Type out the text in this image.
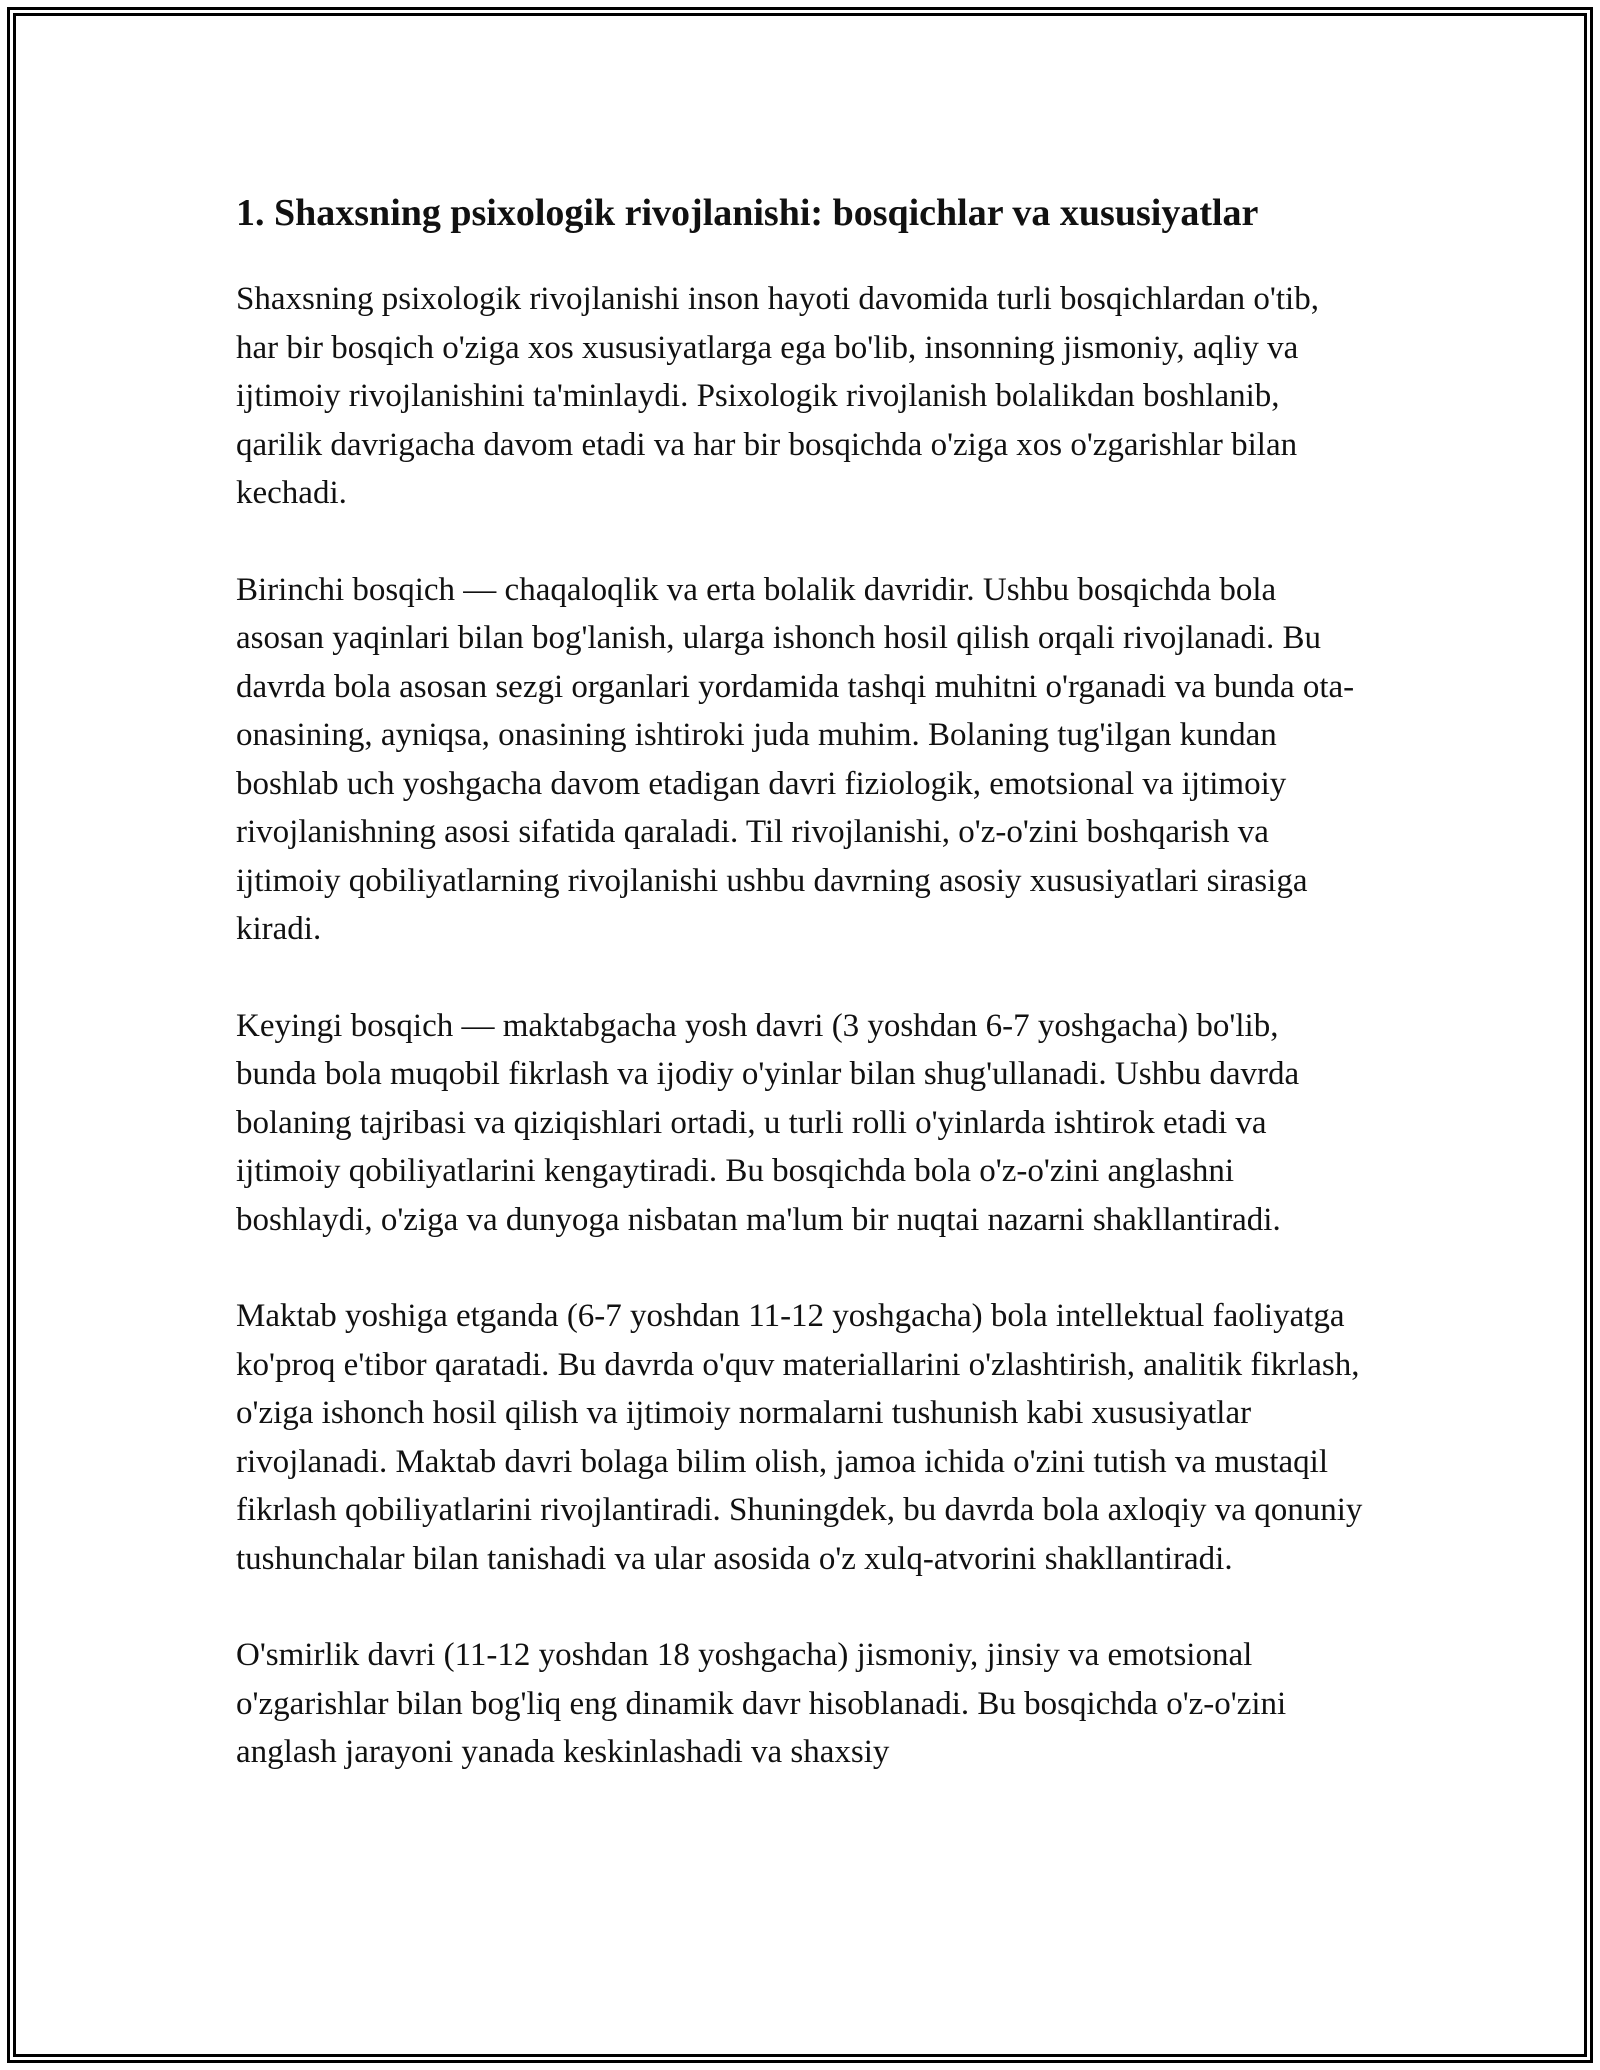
1. Shaxsning psixologik rivojlanishi: bosqichlar va xususiyatlar

Shaxsning psixologik rivojlanishi inson hayoti davomida turli bosqichlardan o'tib, har bir bosqich o'ziga xos xususiyatlarga ega bo'lib, insonning jismoniy, aqliy va ijtimoiy rivojlanishini ta'minlaydi. Psixologik rivojlanish bolalikdan boshlanib, qarilik davrigacha davom etadi va har bir bosqichda o'ziga xos o'zgarishlar bilan kechadi.

Birinchi bosqich — chaqaloqlik va erta bolalik davridir. Ushbu bosqichda bola asosan yaqinlari bilan bog'lanish, ularga ishonch hosil qilish orqali rivojlanadi. Bu davrda bola asosan sezgi organlari yordamida tashqi muhitni o'rganadi va bunda ota-onasining, ayniqsa, onasining ishtiroki juda muhim. Bolaning tug'ilgan kundan boshlab uch yoshgacha davom etadigan davri fiziologik, emotsional va ijtimoiy rivojlanishning asosi sifatida qaraladi. Til rivojlanishi, o'z-o'zini boshqarish va ijtimoiy qobiliyatlarning rivojlanishi ushbu davrning asosiy xususiyatlari sirasiga kiradi.

Keyingi bosqich — maktabgacha yosh davri (3 yoshdan 6-7 yoshgacha) bo'lib, bunda bola muqobil fikrlash va ijodiy o'yinlar bilan shug'ullanadi. Ushbu davrda bolaning tajribasi va qiziqishlari ortadi, u turli rolli o'yinlarda ishtirok etadi va ijtimoiy qobiliyatlarini kengaytiradi. Bu bosqichda bola o'z-o'zini anglashni boshlaydi, o'ziga va dunyoga nisbatan ma'lum bir nuqtai nazarni shakllantiradi.

Maktab yoshiga etganda (6-7 yoshdan 11-12 yoshgacha) bola intellektual faoliyatga ko'proq e'tibor qaratadi. Bu davrda o'quv materiallarini o'zlashtirish, analitik fikrlash, o'ziga ishonch hosil qilish va ijtimoiy normalarni tushunish kabi xususiyatlar rivojlanadi. Maktab davri bolaga bilim olish, jamoa ichida o'zini tutish va mustaqil fikrlash qobiliyatlarini rivojlantiradi. Shuningdek, bu davrda bola axloqiy va qonuniy tushunchalar bilan tanishadi va ular asosida o'z xulq-atvorini shakllantiradi.

O'smirlik davri (11-12 yoshdan 18 yoshgacha) jismoniy, jinsiy va emotsional o'zgarishlar bilan bog'liq eng dinamik davr hisoblanadi. Bu bosqichda o'z-o'zini anglash jarayoni yanada keskinlashadi va shaxsiy
